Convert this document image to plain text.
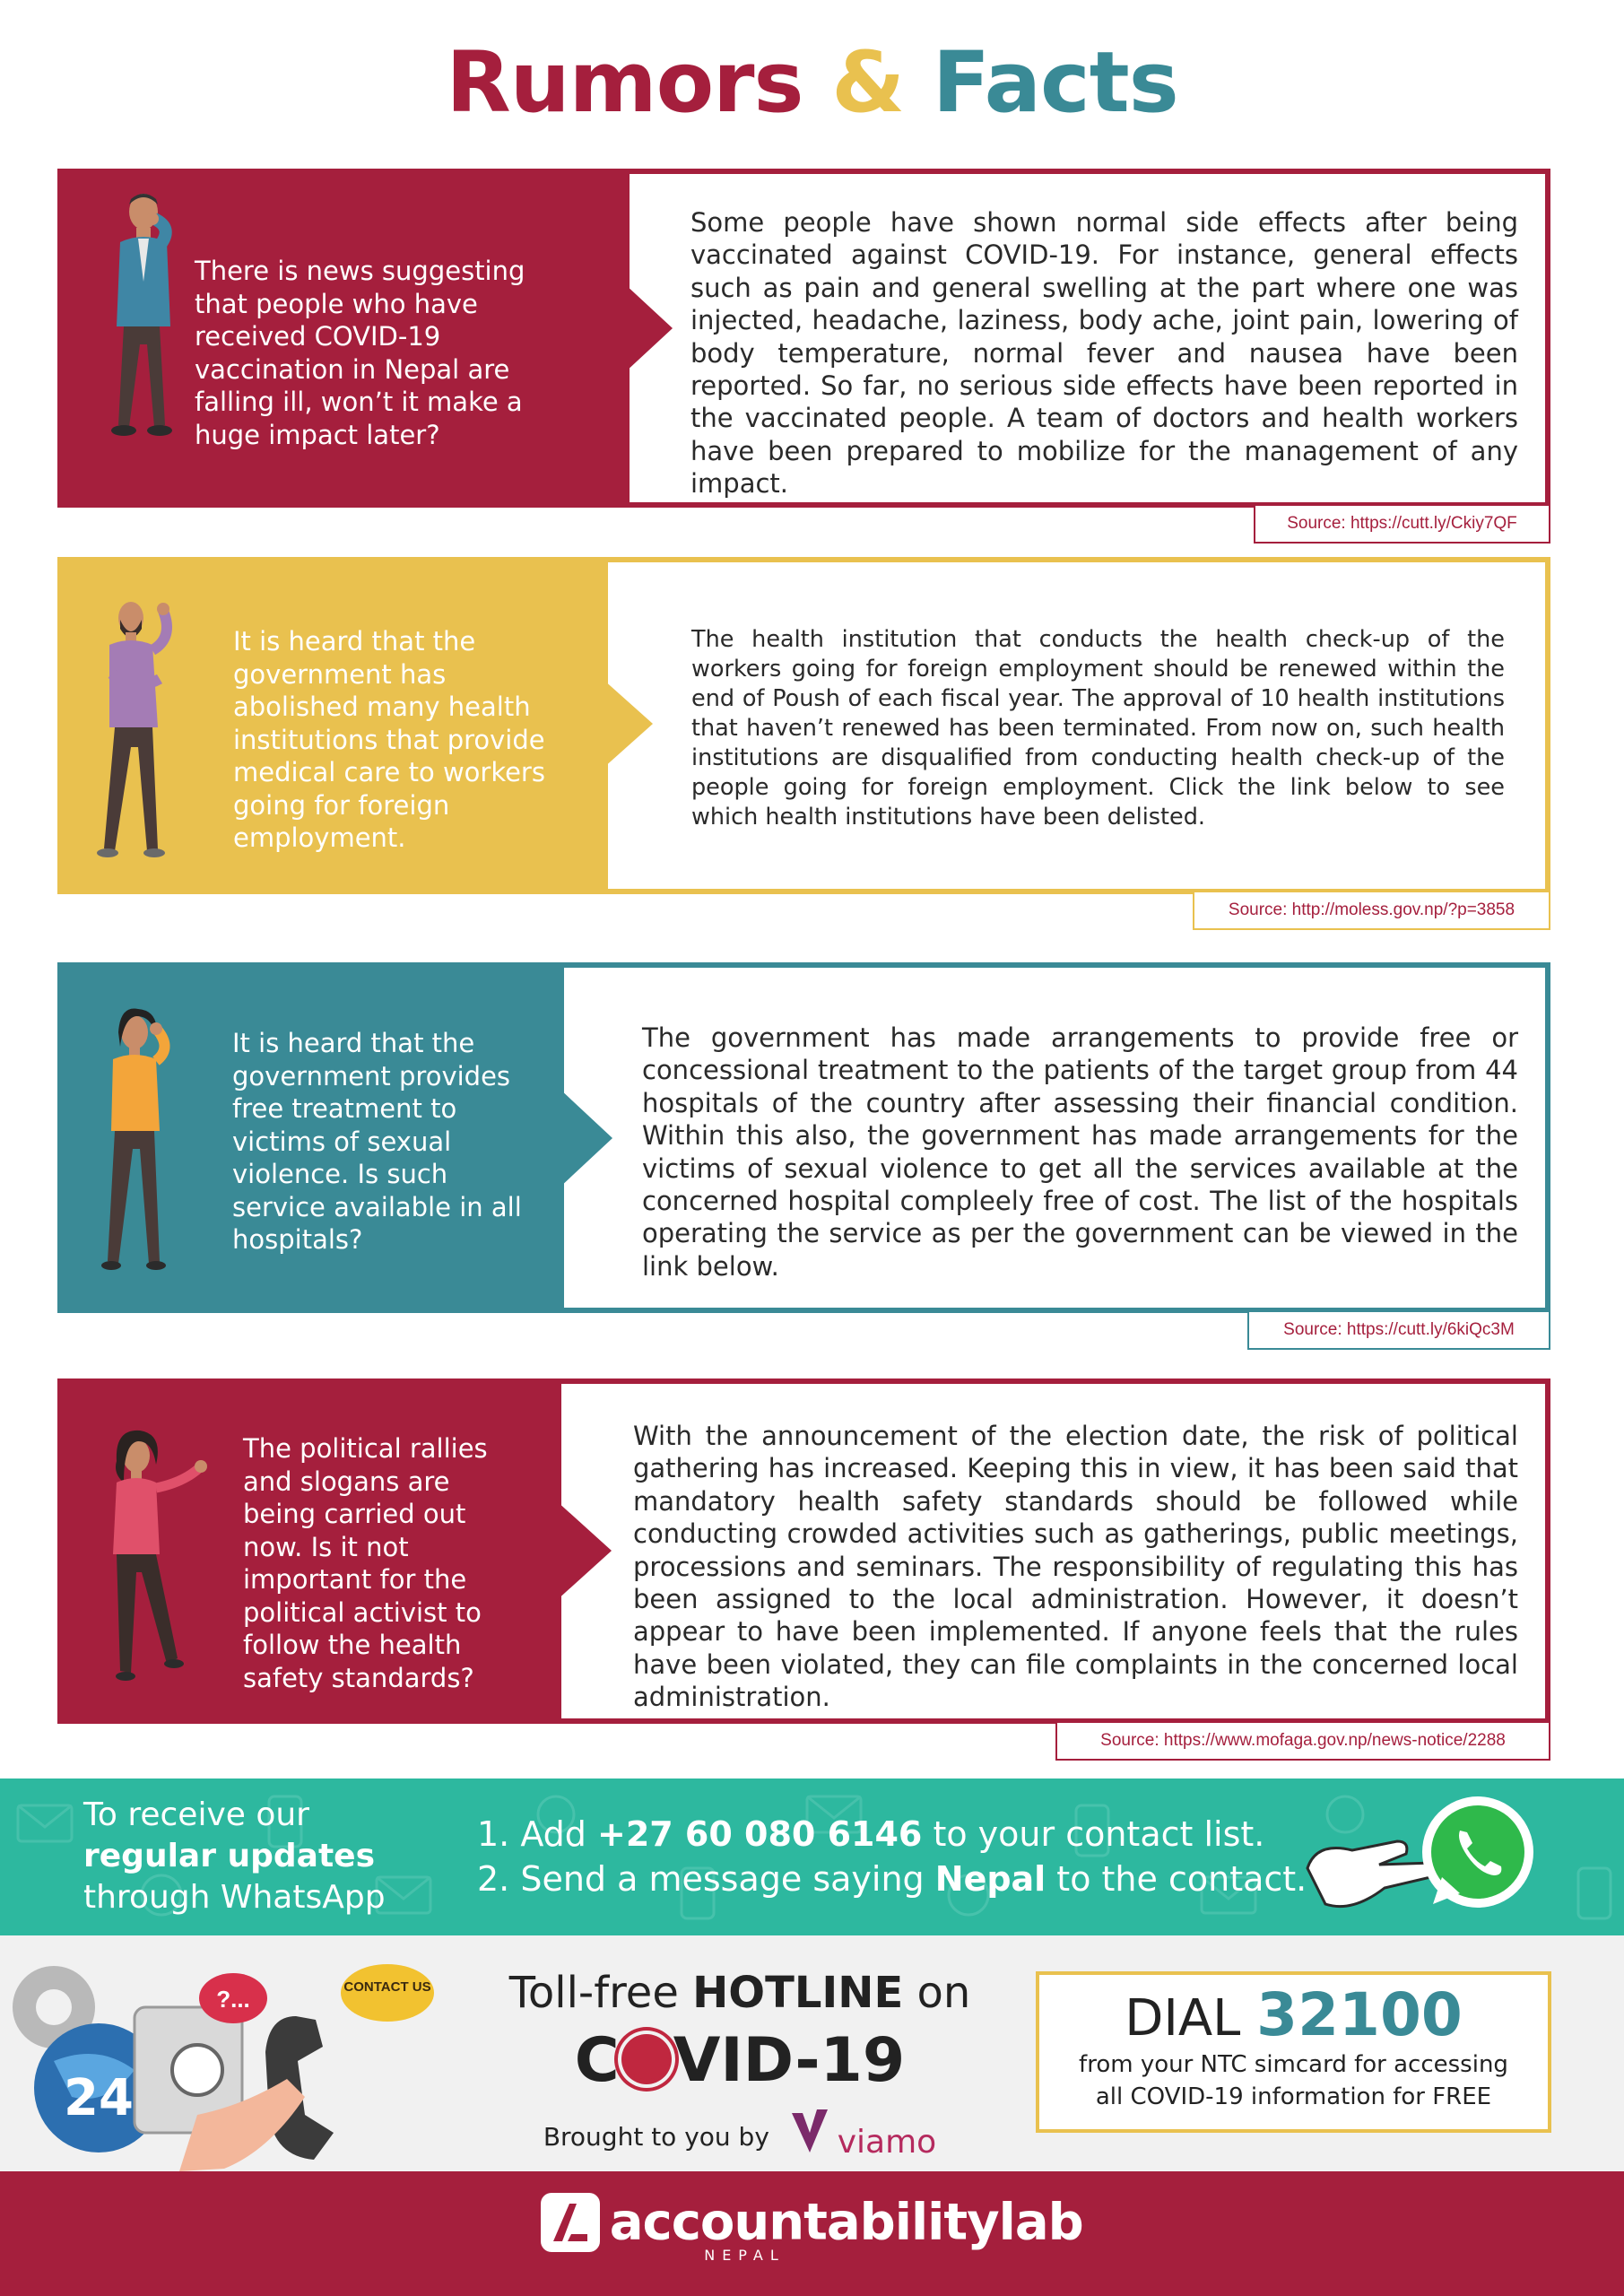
Rumors & Facts
There is news suggesting that people who have received COVID-19 vaccination in Nepal are falling ill, won’t it make a huge impact later?
Some people have shown normal side effects after being vaccinated against COVID-19. For instance, general effects such as pain and general swelling at the part where one was injected, headache, laziness, body ache, joint pain, lowering of body temperature, normal fever and nausea have been reported. So far, no serious side effects have been reported in the vaccinated people. A team of doctors and health workers have been prepared to mobilize for the management of any impact.
Source: https://cutt.ly/Ckiy7QF
It is heard that the government has abolished many health institutions that provide medical care to workers going for foreign employment.
The health institution that conducts the health check-up of the workers going for foreign employment should be renewed within the end of Poush of each fiscal year. The approval of 10 health institutions that haven’t renewed has been terminated. From now on, such health institutions are disqualified from conducting health check-up of the people going for foreign employment. Click the link below to see which health institutions have been delisted.
Source: http://moless.gov.np/?p=3858
It is heard that the government provides free treatment to victims of sexual violence. Is such service available in all hospitals?
The government has made arrangements to provide free or concessional treatment to the patients of the target group from 44 hospitals of the country after assessing their financial condition. Within this also, the government has made arrangements for the victims of sexual violence to get all the services available at the concerned hospital compleely free of cost. The list of the hospitals operating the service as per the government can be viewed in the link below.
Source: https://cutt.ly/6kiQc3M
The political rallies and slogans are being carried out now. Is it not important for the political activist to follow the health safety standards?
With the announcement of the election date, the risk of political gathering has increased. Keeping this in view, it has been said that mandatory health safety standards should be followed while conducting crowded activities such as gatherings, public meetings, processions and seminars. The responsibility of regulating this has been assigned to the local administration. However, it doesn’t appear to have been implemented. If anyone feels that the rules have been violated, they can file complaints in the concerned local administration.
Source: https://www.mofaga.gov.np/news-notice/2288
To receive our
regular updates
through WhatsApp
1. Add +27 60 080 6146 to your contact list.
2. Send a message saying Nepal to the contact.
?...	CONTACT US
24
Toll-free HOTLINE on
C VID-19
Brought to you by viamo
DIAL 32100
from your NTC simcard for accessing
all COVID-19 information for FREE
accountabilitylab
NEPAL
